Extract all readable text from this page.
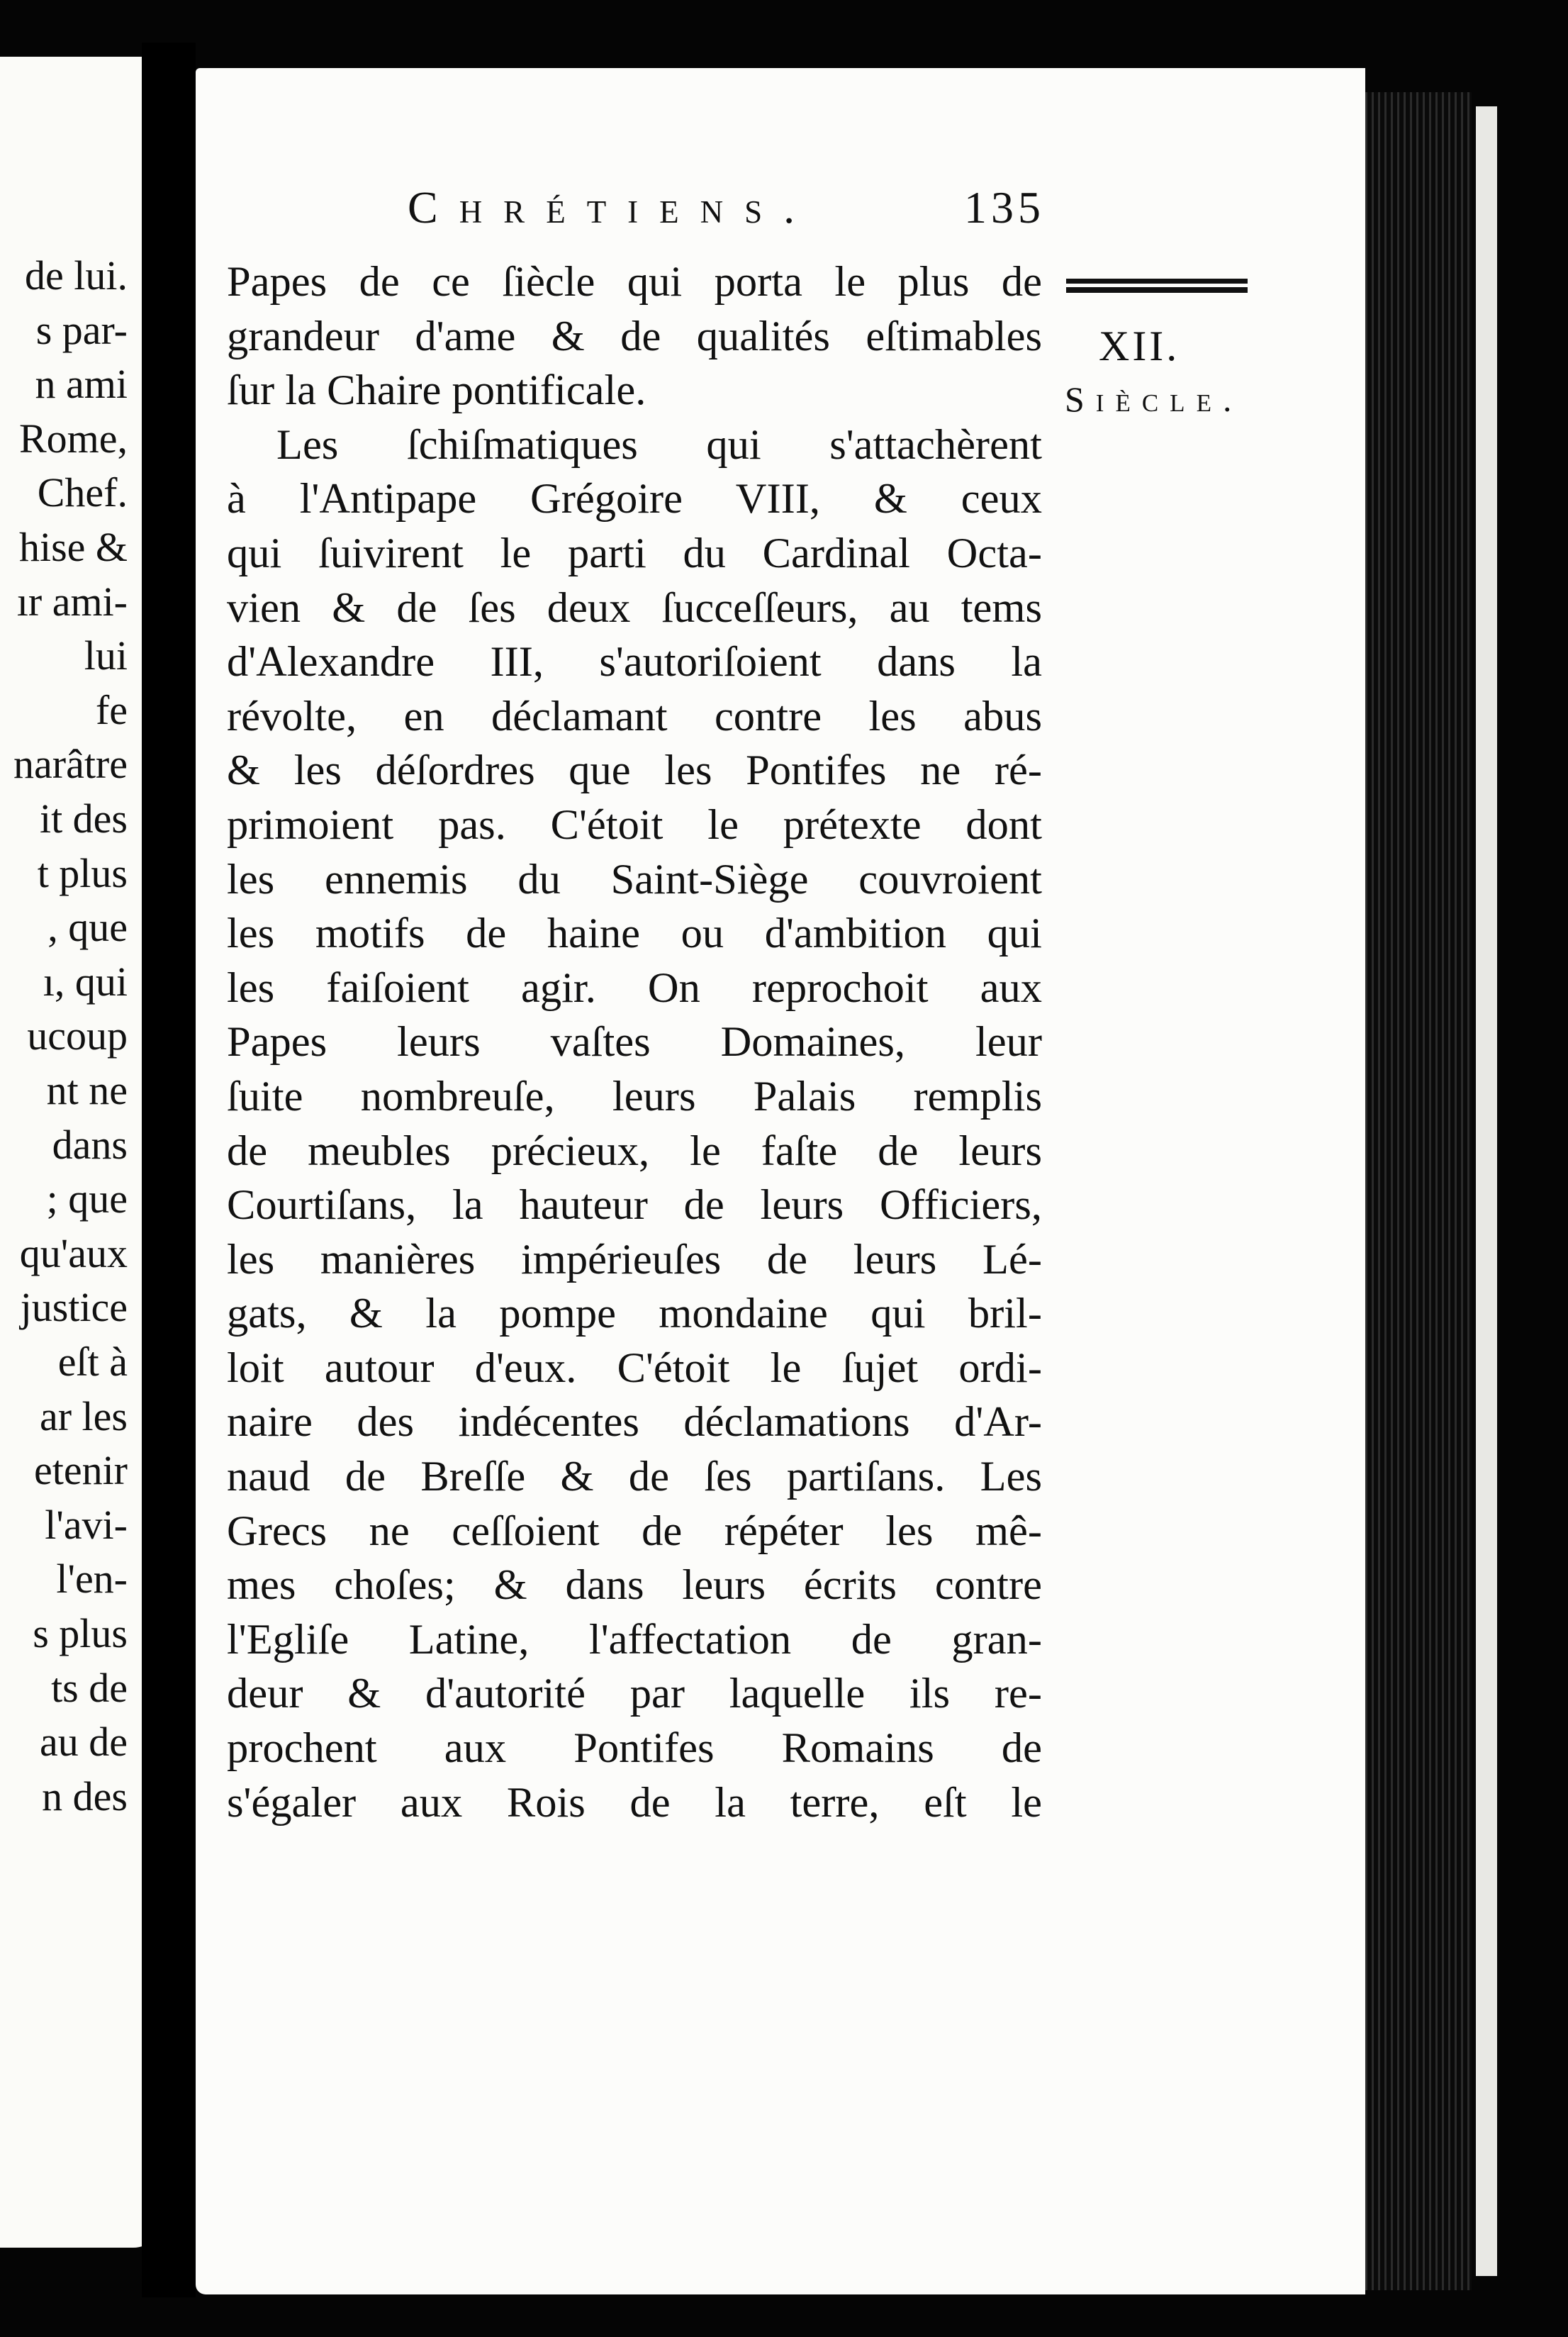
de lui.
s par-
n ami
Rome,
Chef.
hise &
ır ami-
lui
fe
narâtre
it des
t plus
, que
ı, qui
ucoup
nt ne
dans
; que
qu'aux
justice
eſt à
ar les
etenir
l'avi-
l'en-
s plus
ts de
au de
n des
Chrétiens.	135
XII.
Siècle.
Papes de ce ſiècle qui porta le plus de
grandeur d'ame & de qualités eſtimables
ſur la Chaire pontificale.
Les ſchiſmatiques qui s'attachèrent
à l'Antipape Grégoire VIII, & ceux
qui ſuivirent le parti du Cardinal Octa-
vien & de ſes deux ſucceſſeurs, au tems
d'Alexandre III, s'autoriſoient dans la
révolte, en déclamant contre les abus
& les déſordres que les Pontifes ne ré-
primoient pas. C'étoit le prétexte dont
les ennemis du Saint-Siège couvroient
les motifs de haine ou d'ambition qui
les faiſoient agir. On reprochoit aux
Papes leurs vaſtes Domaines, leur
ſuite nombreuſe, leurs Palais remplis
de meubles précieux, le faſte de leurs
Courtiſans, la hauteur de leurs Officiers,
les manières impérieuſes de leurs Lé-
gats, & la pompe mondaine qui bril-
loit autour d'eux. C'étoit le ſujet ordi-
naire des indécentes déclamations d'Ar-
naud de Breſſe & de ſes partiſans. Les
Grecs ne ceſſoient de répéter les mê-
mes choſes; & dans leurs écrits contre
l'Egliſe Latine, l'affectation de gran-
deur & d'autorité par laquelle ils re-
prochent aux Pontifes Romains de
s'égaler aux Rois de la terre, eſt le
